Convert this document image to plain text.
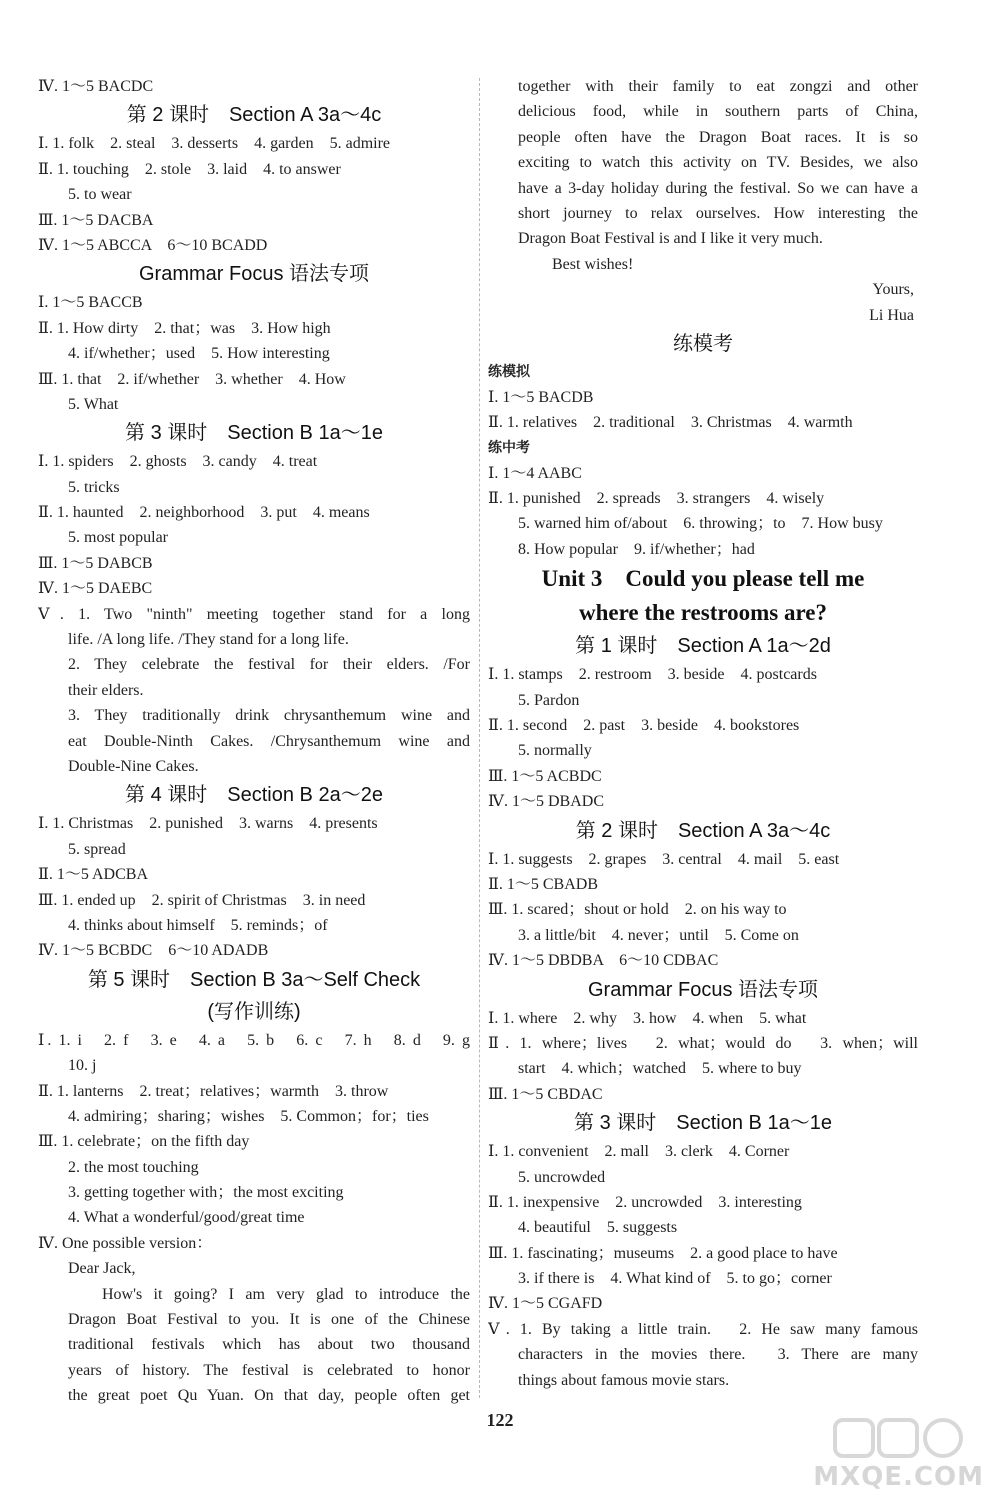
Ⅳ. 1～5 BACDC
第 2 课时　Section A 3a～4c
Ⅰ. 1. folk　2. steal　3. desserts　4. garden　5. admire
Ⅱ. 1. touching　2. stole　3. laid　4. to answer
5. to wear
Ⅲ. 1～5 DACBA
Ⅳ. 1～5 ABCCA　6～10 BCADD
Grammar Focus 语法专项
Ⅰ. 1～5 BACCB
Ⅱ. 1. How dirty　2. that；was　3. How high
4. if/whether；used　5. How interesting
Ⅲ. 1. that　2. if/whether　3. whether　4. How
5. What
第 3 课时　Section B 1a～1e
Ⅰ. 1. spiders　2. ghosts　3. candy　4. treat
5. tricks
Ⅱ. 1. haunted　2. neighborhood　3. put　4. means
5. most popular
Ⅲ. 1～5 DABCB
Ⅳ. 1～5 DAEBC
Ⅴ. 1. Two "ninth" meeting together stand for a long
life. /A long life. /They stand for a long life.
2. They celebrate the festival for their elders. /For
their elders.
3. They traditionally drink chrysanthemum wine and
eat Double-Ninth Cakes. /Chrysanthemum wine and
Double-Nine Cakes.
第 4 课时　Section B 2a～2e
Ⅰ. 1. Christmas　2. punished　3. warns　4. presents
5. spread
Ⅱ. 1～5 ADCBA
Ⅲ. 1. ended up　2. spirit of Christmas　3. in need
4. thinks about himself　5. reminds；of
Ⅳ. 1～5 BCBDC　6～10 ADADB
第 5 课时　Section B 3a～Self Check
(写作训练)
Ⅰ. 1. i　2. f　3. e　4. a　5. b　6. c　7. h　8. d　9. g
10. j
Ⅱ. 1. lanterns　2. treat；relatives；warmth　3. throw
4. admiring；sharing；wishes　5. Common；for；ties
Ⅲ. 1. celebrate；on the fifth day
2. the most touching
3. getting together with；the most exciting
4. What a wonderful/good/great time
Ⅳ. One possible version：
Dear Jack,
How's it going? I am very glad to introduce the
Dragon Boat Festival to you. It is one of the Chinese
traditional festivals which has about two thousand
years of history. The festival is celebrated to honor
the great poet Qu Yuan. On that day, people often get
together with their family to eat zongzi and other
delicious food, while in southern parts of China,
people often have the Dragon Boat races. It is so
exciting to watch this activity on TV. Besides, we also
have a 3-day holiday during the festival. So we can have a
short journey to relax ourselves. How interesting the
Dragon Boat Festival is and I like it very much.
Best wishes!
Yours,
Li Hua
练模考
练模拟
Ⅰ. 1～5 BACDB
Ⅱ. 1. relatives　2. traditional　3. Christmas　4. warmth
练中考
Ⅰ. 1～4 AABC
Ⅱ. 1. punished　2. spreads　3. strangers　4. wisely
5. warned him of/about　6. throwing；to　7. How busy
8. How popular　9. if/whether；had
Unit 3　Could you please tell me
where the restrooms are?
第 1 课时　Section A 1a～2d
Ⅰ. 1. stamps　2. restroom　3. beside　4. postcards
5. Pardon
Ⅱ. 1. second　2. past　3. beside　4. bookstores
5. normally
Ⅲ. 1～5 ACBDC
Ⅳ. 1～5 DBADC
第 2 课时　Section A 3a～4c
Ⅰ. 1. suggests　2. grapes　3. central　4. mail　5. east
Ⅱ. 1～5 CBADB
Ⅲ. 1. scared；shout or hold　2. on his way to
3. a little/bit　4. never；until　5. Come on
Ⅳ. 1～5 DBDBA　6～10 CDBAC
Grammar Focus 语法专项
Ⅰ. 1. where　2. why　3. how　4. when　5. what
Ⅱ. 1. where；lives　2. what；would do　3. when；will
start　4. which；watched　5. where to buy
Ⅲ. 1～5 CBDAC
第 3 课时　Section B 1a～1e
Ⅰ. 1. convenient　2. mall　3. clerk　4. Corner
5. uncrowded
Ⅱ. 1. inexpensive　2. uncrowded　3. interesting
4. beautiful　5. suggests
Ⅲ. 1. fascinating；museums　2. a good place to have
3. if there is　4. What kind of　5. to go；corner
Ⅳ. 1～5 CGAFD
Ⅴ. 1. By taking a little train.　2. He saw many famous
characters in the movies there.　3. There are many
things about famous movie stars.
122
MXQE.COM
